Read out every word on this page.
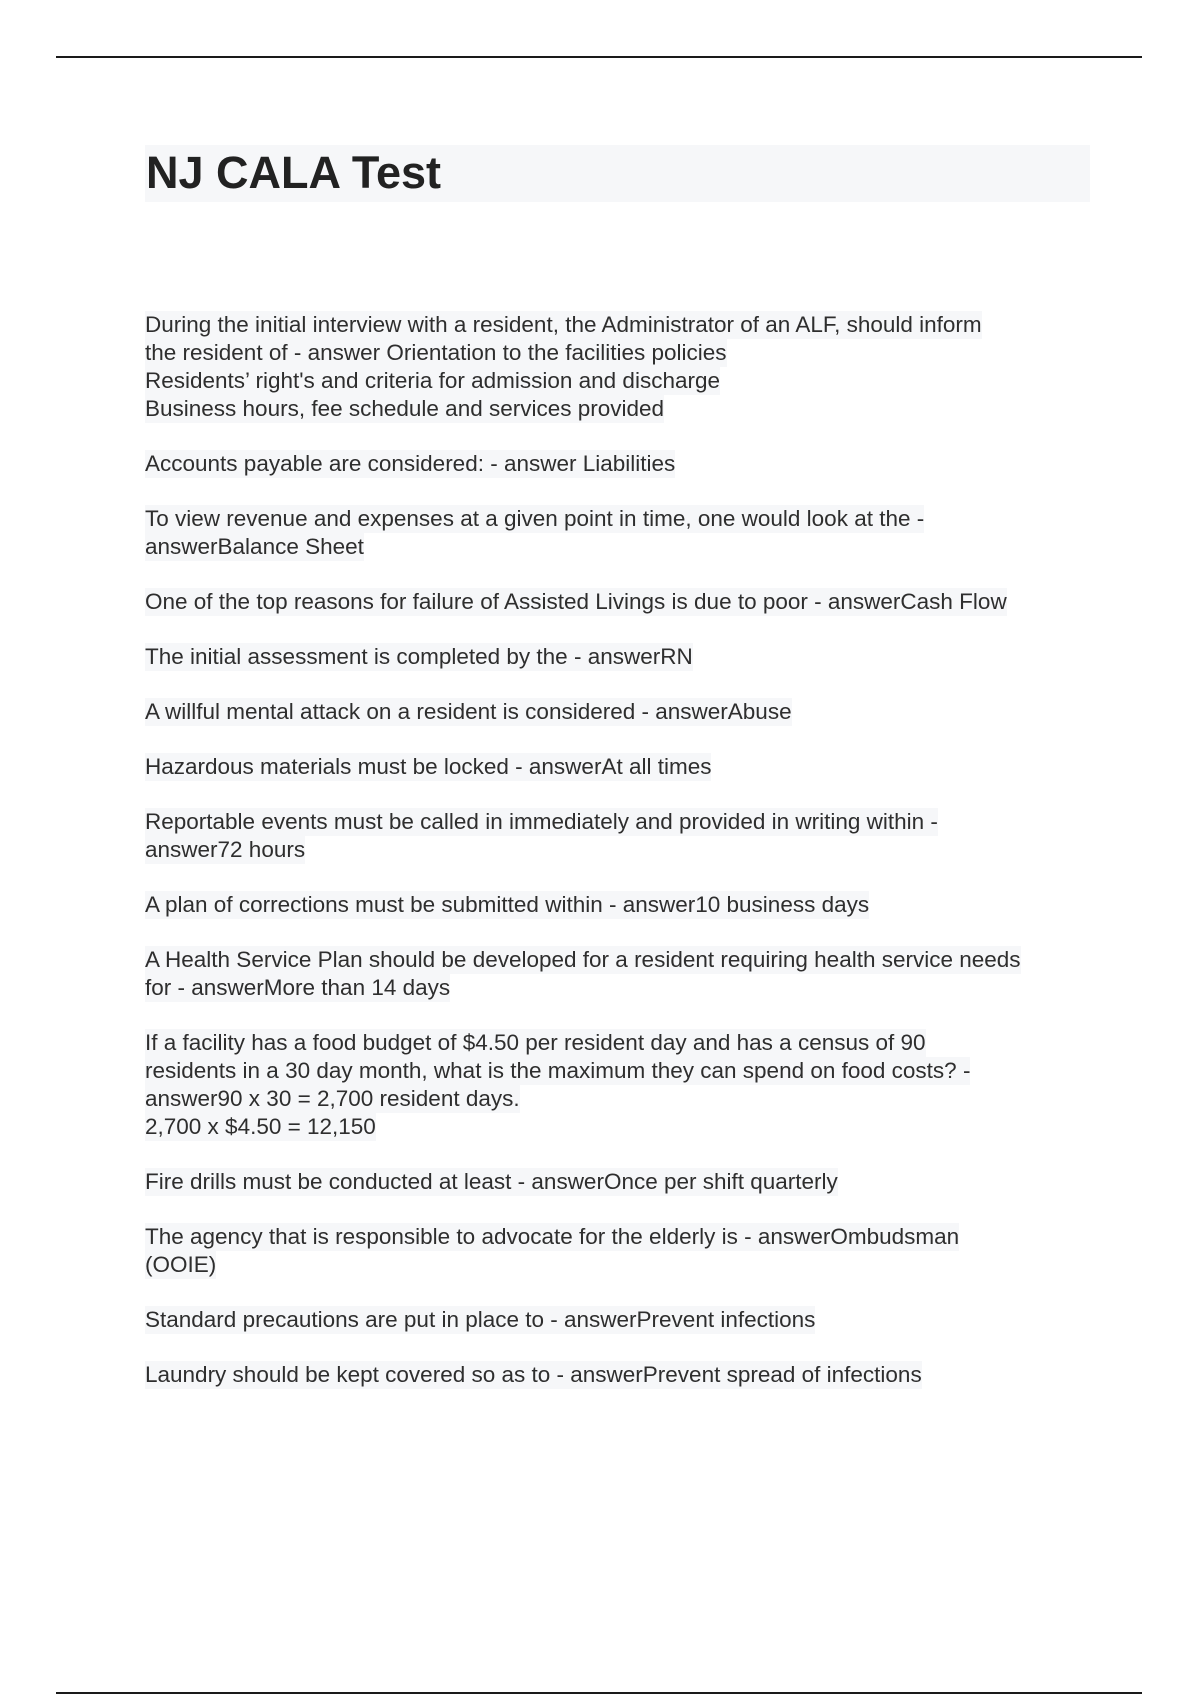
NJ CALA Test
During the initial interview with a resident, the Administrator of an ALF, should inform
the resident of - answer Orientation to the facilities policies
Residents’ right's and criteria for admission and discharge
Business hours, fee schedule and services provided
Accounts payable are considered: - answer Liabilities
To view revenue and expenses at a given point in time, one would look at the -
answerBalance Sheet
One of the top reasons for failure of Assisted Livings is due to poor - answerCash Flow
The initial assessment is completed by the - answerRN
A willful mental attack on a resident is considered - answerAbuse
Hazardous materials must be locked - answerAt all times
Reportable events must be called in immediately and provided in writing within -
answer72 hours
A plan of corrections must be submitted within - answer10 business days
A Health Service Plan should be developed for a resident requiring health service needs
for - answerMore than 14 days
If a facility has a food budget of $4.50 per resident day and has a census of 90
residents in a 30 day month, what is the maximum they can spend on food costs? -
answer90 x 30 = 2,700 resident days.
2,700 x $4.50 = 12,150
Fire drills must be conducted at least - answerOnce per shift quarterly
The agency that is responsible to advocate for the elderly is - answerOmbudsman
(OOIE)
Standard precautions are put in place to - answerPrevent infections
Laundry should be kept covered so as to - answerPrevent spread of infections
